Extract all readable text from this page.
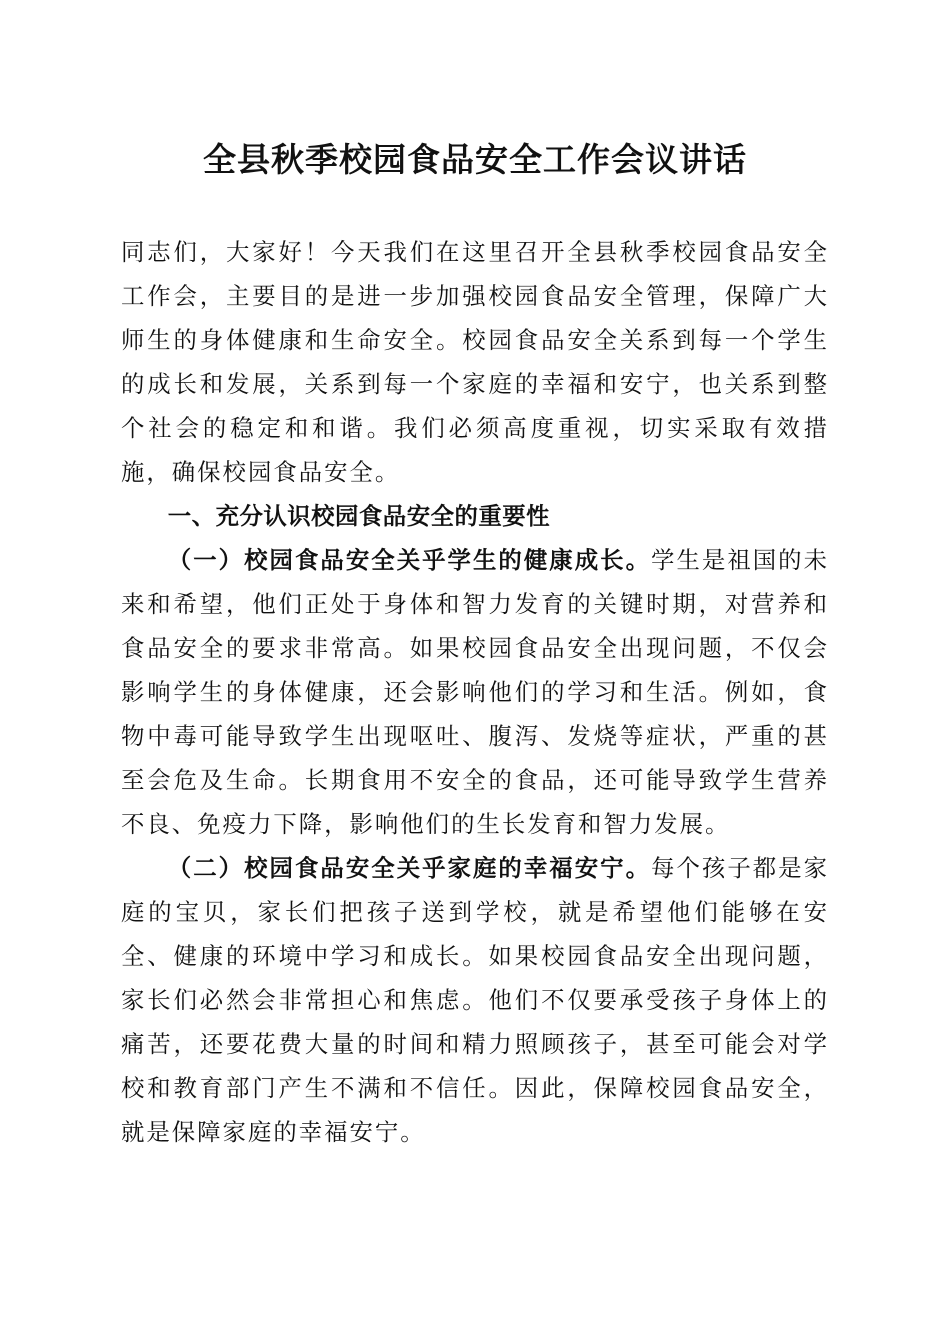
全县秋季校园食品安全工作会议讲话

同志们，大家好！今天我们在这里召开全县秋季校园食品安全工作会，主要目的是进一步加强校园食品安全管理，保障广大师生的身体健康和生命安全。校园食品安全关系到每一个学生的成长和发展，关系到每一个家庭的幸福和安宁，也关系到整个社会的稳定和和谐。我们必须高度重视，切实采取有效措施，确保校园食品安全。

一、充分认识校园食品安全的重要性

（一）校园食品安全关乎学生的健康成长。学生是祖国的未来和希望，他们正处于身体和智力发育的关键时期，对营养和食品安全的要求非常高。如果校园食品安全出现问题，不仅会影响学生的身体健康，还会影响他们的学习和生活。例如，食物中毒可能导致学生出现呕吐、腹泻、发烧等症状，严重的甚至会危及生命。长期食用不安全的食品，还可能导致学生营养不良、免疫力下降，影响他们的生长发育和智力发展。

（二）校园食品安全关乎家庭的幸福安宁。每个孩子都是家庭的宝贝，家长们把孩子送到学校，就是希望他们能够在安全、健康的环境中学习和成长。如果校园食品安全出现问题，家长们必然会非常担心和焦虑。他们不仅要承受孩子身体上的痛苦，还要花费大量的时间和精力照顾孩子，甚至可能会对学校和教育部门产生不满和不信任。因此，保障校园食品安全，就是保障家庭的幸福安宁。
